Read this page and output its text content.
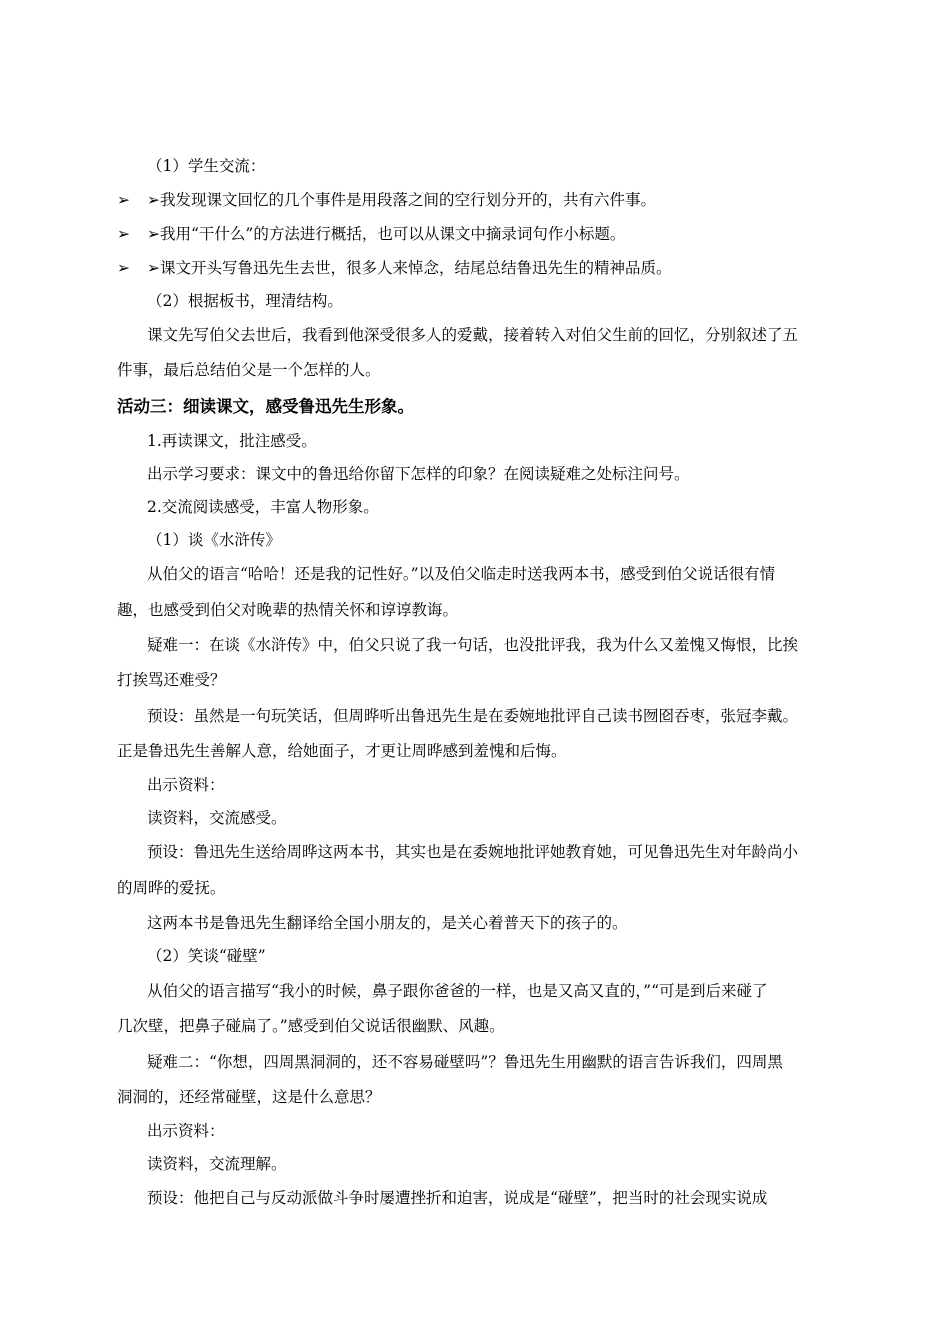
（1）学生交流：
➢ ➢我发现课文回忆的几个事件是用段落之间的空行划分开的，共有六件事。
➢ ➢我用“干什么”的方法进行概括，也可以从课文中摘录词句作小标题。
➢ ➢课文开头写鲁迅先生去世，很多人来悼念，结尾总结鲁迅先生的精神品质。
（2）根据板书，理清结构。
课文先写伯父去世后，我看到他深受很多人的爱戴，接着转入对伯父生前的回忆，分别叙述了五
件事，最后总结伯父是一个怎样的人。
活动三：细读课文，感受鲁迅先生形象。
1.再读课文，批注感受。
出示学习要求：课文中的鲁迅给你留下怎样的印象？在阅读疑难之处标注问号。
2.交流阅读感受，丰富人物形象。
（1）谈《水浒传》
从伯父的语言“哈哈！还是我的记性好。”以及伯父临走时送我两本书，感受到伯父说话很有情
趣，也感受到伯父对晚辈的热情关怀和谆谆教诲。
疑难一：在谈《水浒传》中，伯父只说了我一句话，也没批评我，我为什么又羞愧又悔恨，比挨
打挨骂还难受？
预设：虽然是一句玩笑话，但周晔听出鲁迅先生是在委婉地批评自己读书囫囵吞枣，张冠李戴。
正是鲁迅先生善解人意，给她面子，才更让周晔感到羞愧和后悔。
出示资料：
读资料，交流感受。
预设：鲁迅先生送给周晔这两本书，其实也是在委婉地批评她教育她，可见鲁迅先生对年龄尚小
的周晔的爱抚。
这两本书是鲁迅先生翻译给全国小朋友的，是关心着普天下的孩子的。
（2）笑谈“碰壁”
从伯父的语言描写“我小的时候，鼻子跟你爸爸的一样，也是又高又直的，”“可是到后来碰了
几次壁，把鼻子碰扁了。”感受到伯父说话很幽默、风趣。
疑难二：“你想，四周黑洞洞的，还不容易碰壁吗”？鲁迅先生用幽默的语言告诉我们，四周黑
洞洞的，还经常碰壁，这是什么意思？
出示资料：
读资料，交流理解。
预设：他把自己与反动派做斗争时屡遭挫折和迫害，说成是“碰壁”，把当时的社会现实说成
